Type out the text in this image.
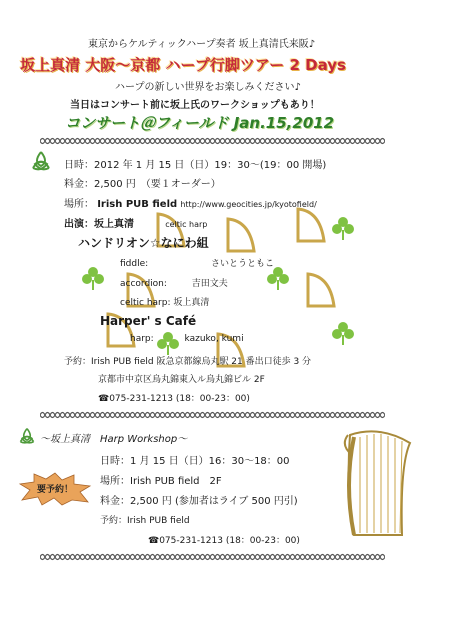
東京からケルティックハープ奏者 坂上真清氏来阪♪
坂上真清 大阪～京都 ハープ行脚ツアー 2 Days
ハープの新しい世界をお楽しみください♪
当日はコンサート前に坂上氏のワークショップもあり！
コンサート＠フィールド Jan.15,2012
日時：2012 年 1 月 15 日（日）19：30～(19：00 開場)
料金：2,500 円　（要１オーダー）
場所： Irish PUB field http://www.geocities.jp/kyotofield/
出演：坂上真清	celtic harp
ハンドリオン☆なにわ組
fiddle:	さいとうともこ
accordion:	吉田文夫
celtic harp: 坂上真清
Harper' s Café
harp:	kazuko, kumi
予約：Irish PUB field 阪急京都線烏丸駅 21 番出口徒歩 3 分
京都市中京区烏丸錦東入ル烏丸錦ビル 2F
☎075-231-1213 (18：00-23：00)
～坂上真清　Harp Workshop～
要予約！
日時：1 月 15 日（日）16：30～18：00
場所：Irish PUB field　2F
料金：2,500 円 (参加者はライブ 500 円引)
予約：Irish PUB field
☎075-231-1213 (18：00-23：00)
